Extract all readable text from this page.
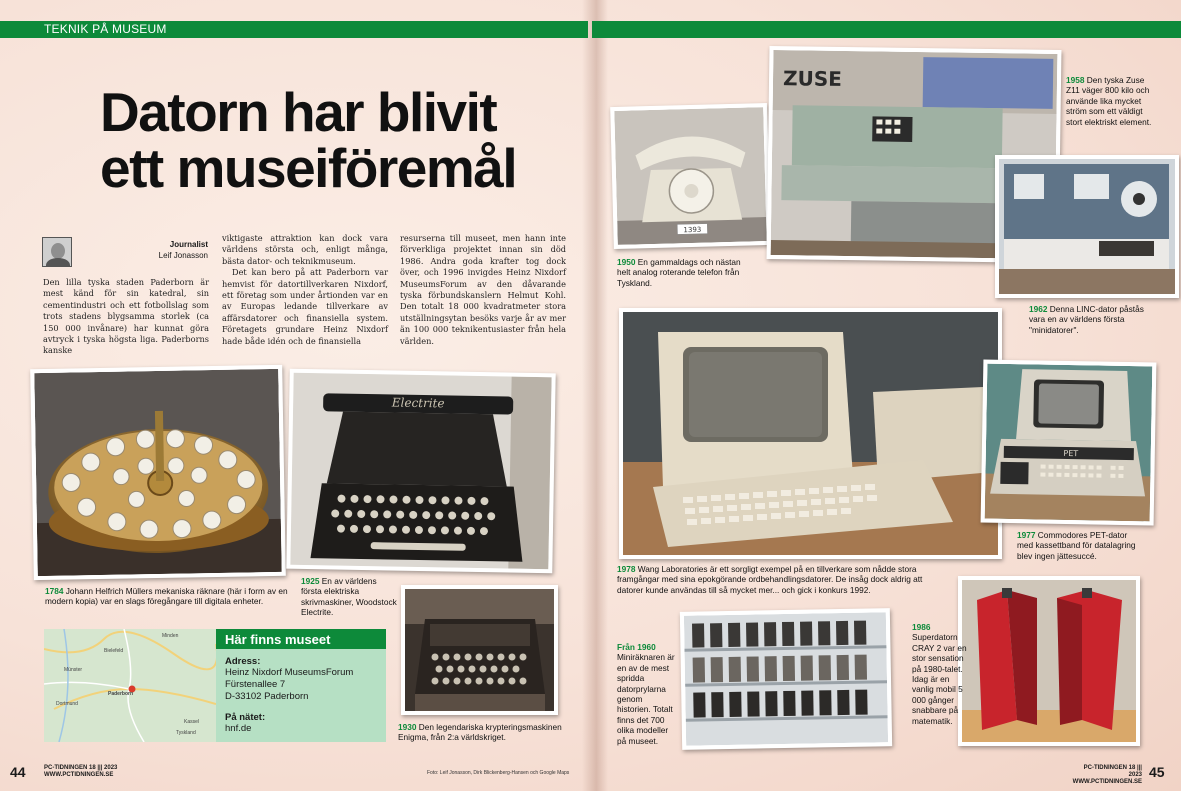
TEKNIK PÅ MUSEUM
Datorn har blivit
ett museiföremål
Journalist
Leif Jonasson

Den lilla tyska staden Paderborn är mest känd för sin katedral, sin cementindustri och ett fotbollslag som trots stadens blygsamma storlek (ca 150 000 invånare) har kunnat göra avtryck i tyska högsta liga. Paderborns kanske

viktigaste attraktion kan dock vara världens största och, enligt många, bästa dator- och teknikmuseum.

Det kan bero på att Paderborn var hemvist för datortillverkaren Nixdorf, ett företag som under årtionden var en av Europas ledande tillverkare av affärsdatorer och finansiella system. Företagets grundare Heinz Nixdorf hade både idén och de finansiella

resurserna till museet, men hann inte förverkliga projektet innan sin död 1986. Andra goda krafter tog dock över, och 1996 invigdes Heinz Nixdorf MuseumsForum av den dåvarande tyska förbundskanslern Helmut Kohl. Den totalt 18 000 kvadratmeter stora utställningsytan besöks varje år av mer än 100 000 teknikentusiaster från hela världen.

Electrite
1784 Johann Helfrich Müllers mekaniska räknare (här i form av en modern kopia) var en slags föregångare till digitala enheter.
1925 En av världens första elektriska skrivmaskiner, Woodstock Electrite.
1930 Den legendariska krypteringsmaskinen Enigma, från 2:a världskriget.
Bielefeld
Minden
Paderborn
Dortmund
Kassel
Tyskland
Münster
Här finns museet
Adress:
Heinz Nixdorf MuseumsForum
Fürstenallee 7
D-33102 Paderborn
På nätet:
hnf.de
1393
ZUSE
PET
1958 Den tyska Zuse Z11 väger 800 kilo och använde lika mycket ström som ett väldigt stort elektriskt element.
1950 En gammaldags och nästan helt analog roterande telefon från Tyskland.
1962 Denna LINC-dator påstås vara en av världens första "minidatorer".
1977 Commodores PET-dator med kassettband för datalagring blev ingen jättesuccé.
1978 Wang Laboratories är ett sorgligt exempel på en tillverkare som nådde stora framgångar med sina epokgörande ordbehandlingsdatorer. De insåg dock aldrig att datorer kunde användas till så mycket mer... och gick i konkurs 1992.
Från 1960 Miniräknaren är en av de mest spridda datorprylarna genom historien. Totalt finns det 700 olika modeller på museet.
1986 Superdatorn CRAY 2 var en stor sensation på 1980-talet. Idag är en vanlig mobil 5 000 gånger snabbare på matematik.
44	PC-TIDNINGEN 18 ||| 2023
WWW.PCTIDNINGEN.SE	Foto: Leif Jonasson, Dirk Blickenberg-Hansen och Google Maps
PC-TIDNINGEN 18 ||| 2023
WWW.PCTIDNINGEN.SE
45
